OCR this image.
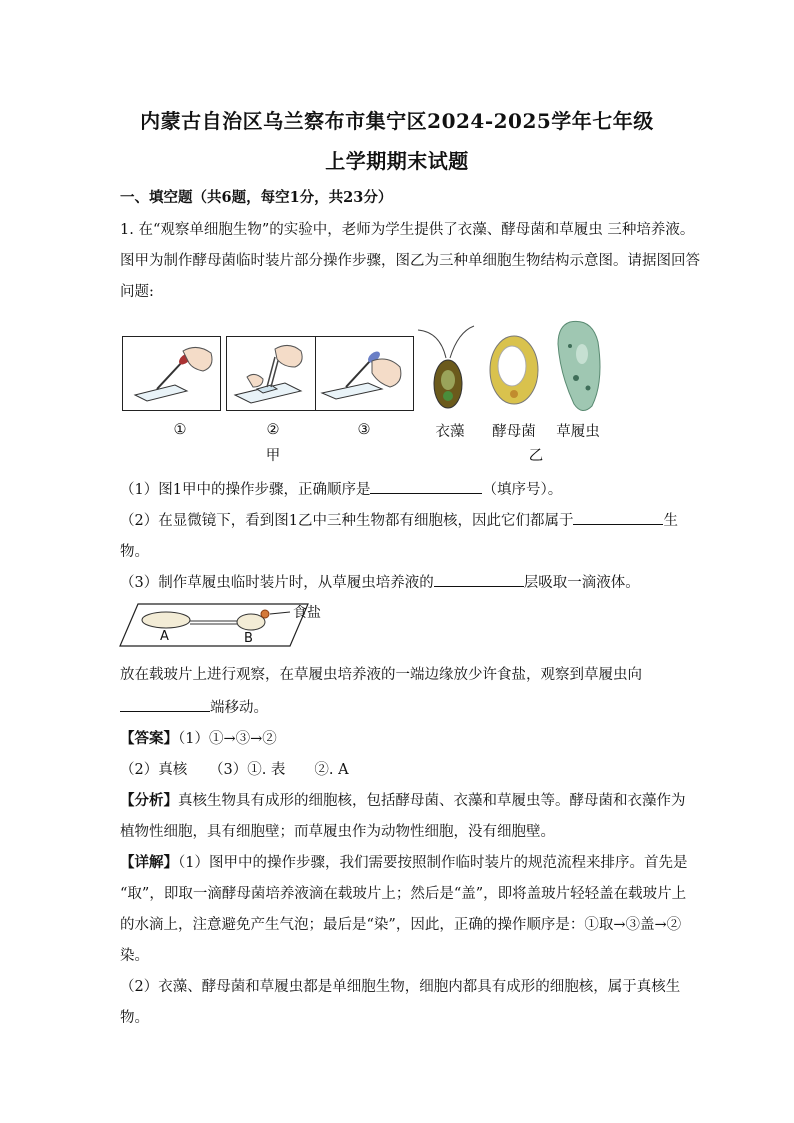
内蒙古自治区乌兰察布市集宁区2024-2025学年七年级
上学期期末试题
一、填空题（共6题，每空1分，共23分）
1. 在“观察单细胞生物”的实验中，老师为学生提供了衣藻、酵母菌和草履虫 三种培养液。
图甲为制作酵母菌临时装片部分操作步骤，图乙为三种单细胞生物结构示意图。请据图回答
问题:
①	②	③
甲
衣藻	酵母菌	草履虫
乙
（1）图1甲中的操作步骤，正确顺序是	（填序号）。
（2）在显微镜下，看到图1乙中三种生物都有细胞核，因此它们都属于	生
物。
（3）制作草履虫临时装片时，从草履虫培养液的	层吸取一滴液体。
A	B
食盐
放在载玻片上进行观察，在草履虫培养液的一端边缘放少许食盐，观察到草履虫向
端移动。
【答案】（1）①→③→②
（2）真核　　（3）①. 表　　②. A
【分析】真核生物具有成形的细胞核，包括酵母菌、衣藻和草履虫等。酵母菌和衣藻作为
植物性细胞，具有细胞壁；而草履虫作为动物性细胞，没有细胞壁。
【详解】（1）图甲中的操作步骤，我们需要按照制作临时装片的规范流程来排序。首先是
“取”，即取一滴酵母菌培养液滴在载玻片上；然后是“盖”，即将盖玻片轻轻盖在载玻片上
的水滴上，注意避免产生气泡；最后是“染”，因此，正确的操作顺序是：①取→③盖→②
染。
（2）衣藻、酵母菌和草履虫都是单细胞生物，细胞内都具有成形的细胞核，属于真核生
物。
